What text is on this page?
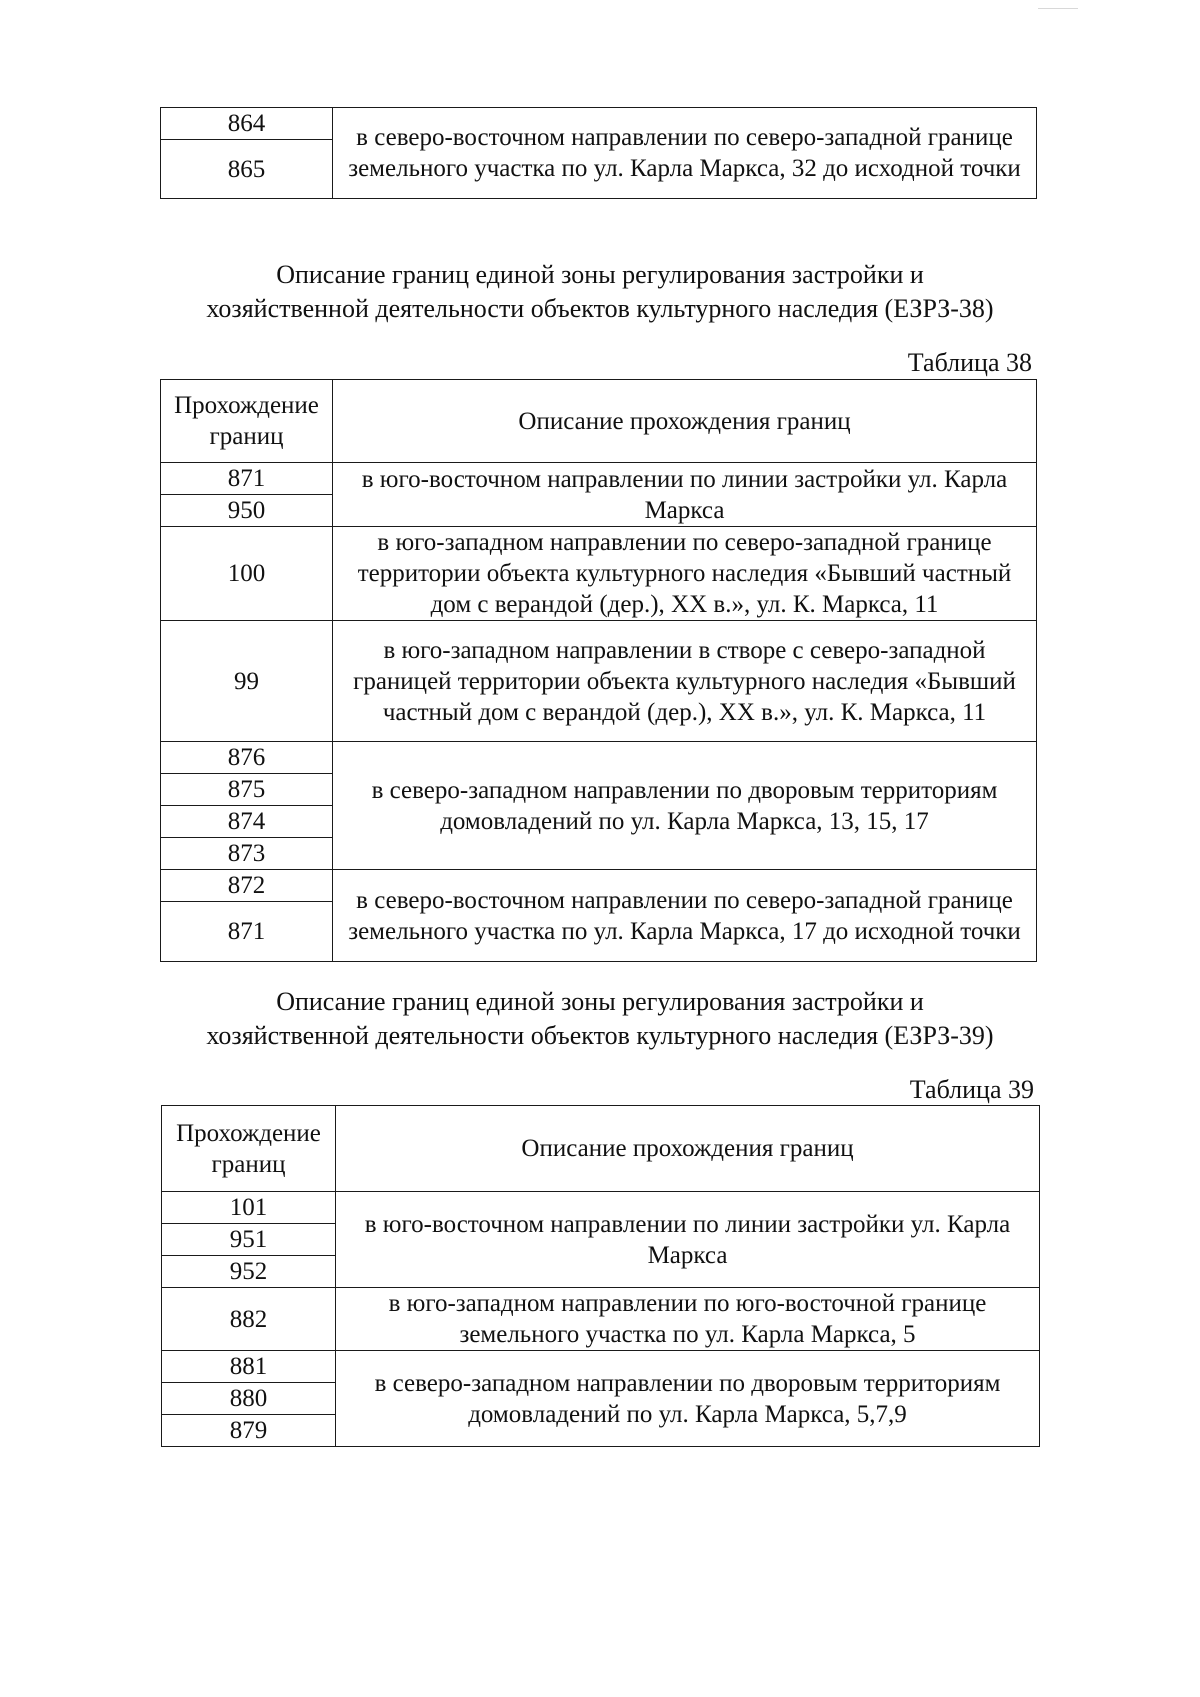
864	в северо-восточном направлении по северо-западной границе земельного участка по ул. Карла Маркса, 32 до исходной точки
865
Описание границ единой зоны регулирования застройки и
хозяйственной деятельности объектов культурного наследия (ЕЗРЗ-38)
Таблица 38
Прохождение границ	Описание прохождения границ
871	в юго-восточном направлении по линии застройки ул. Карла Маркса
950	
100	в юго-западном направлении по северо-западной границе территории объекта культурного наследия «Бывший частный дом с верандой (дер.), XX в.», ул. К. Маркса, 11
99	в юго-западном направлении в створе с северо-западной границей территории объекта культурного наследия «Бывший частный дом с верандой (дер.), XX в.», ул. К. Маркса, 11
876	в северо-западном направлении по дворовым территориям домовладений по ул. Карла Маркса, 13, 15, 17
875	
874	
873	
872	в северо-восточном направлении по северо-западной границе земельного участка по ул. Карла Маркса, 17 до исходной точки
871	
Описание границ единой зоны регулирования застройки и
хозяйственной деятельности объектов культурного наследия (ЕЗРЗ-39)
Таблица 39
Прохождение границ	Описание прохождения границ
101	в юго-восточном направлении по линии застройки ул. Карла Маркса
951	
952	
882	в юго-западном направлении по юго-восточной границе земельного участка по ул. Карла Маркса, 5
881	в северо-западном направлении по дворовым территориям домовладений по ул. Карла Маркса, 5,7,9
880	
879	
